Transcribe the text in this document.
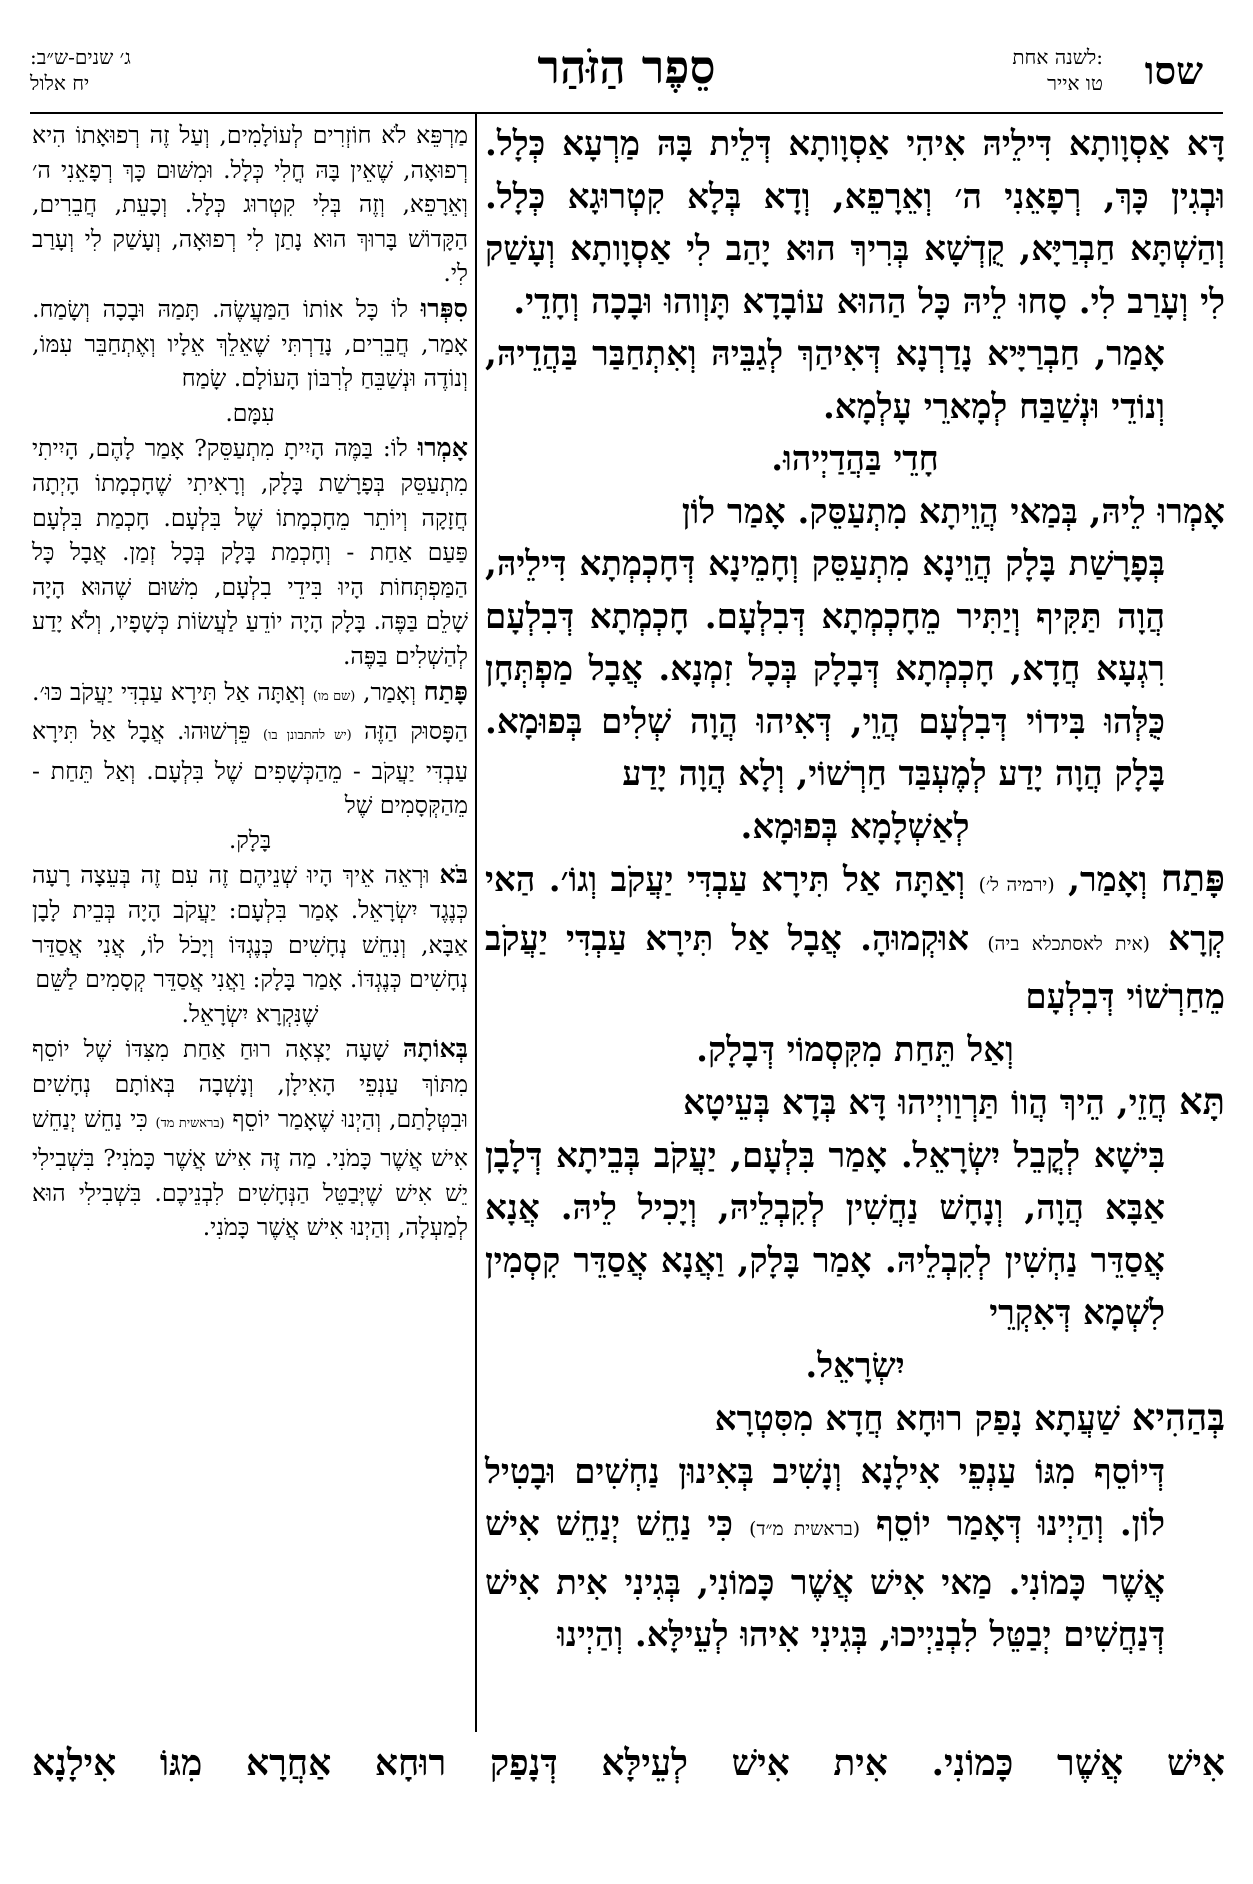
שסו
לשנה אחת:
טו אייר
סֵפֶר הַזֹּהַר
ג׳ שנים-ש״ב:
יח אלול

דָּא אַסְוָותָא דִּילֵיהּ אִיהִי אַסְוָותָא דְּלֵית בָּהּ מַרְעָא כְּלָל. וּבְגִין כָּךְ, רְפָאֵנִי ה׳ וְאֵרָפֵא, וְדָא בְּלָא קִטְרוּגָא כְּלָל. וְהַשְׁתָּא חַבְרַיָּא, קֻדְשָׁא בְּרִיךְ הוּא יָהַב לִי אַסְוָותָא וְעָשַׁק לִי וְעָרַב לִי. סָחוּ לֵיהּ כָּל הַהוּא עוֹבָדָא תָּוְוהוּ וּבָכָה וְחָדֵי.

אָמַר, חַבְרַיָּיא נָדַרְנָא דְּאִיהַךְ לְגַבֵּיהּ וְאִתְחַבַּר בַּהֲדֵיהּ, וְנוֹדֵי וּנְשַׁבַּח לְמָארֵי עָלְמָא.

חָדֵי בַּהֲדַיְיהוּ.

אָמְרוּ לֵיהּ, בְּמַאי הֲוֵיתָא מִתְעַסֵּק. אָמַר לוֹן

בְּפָרָשַׁת בָּלָק הֲוֵינָא מִתְעַסֵּק וְחָמֵינָא דְּחָכְמְתָא דִּילֵיהּ, הֲוָה תַּקִּיף וְיַתִּיר מֵחָכְמְתָא דְּבִלְעָם. חָכְמְתָא דְּבִלְעָם רִגְעָא חֲדָא, חָכְמְתָא דְּבָלָק בְּכָל זִמְנָא. אֲבָל מַפְתְּחָן כֻּלְּהוּ בִּידוֹי דְּבִלְעָם הֲוֵי, דְּאִיהוּ הֲוָה שְׁלִים בְּפוּמָא. בָּלָק הֲוָה יָדַע לְמֶעְבַּד חַרְשׁוֹי, וְלָא הֲוָה יָדַע

לְאַשְׁלָמָא בְּפוּמָא.

פָּתַח וְאָמַר, (ירמיה ל׳) וְאַתָּה אַל תִּירָא עַבְדִּי יַעֲקֹב וְגוֹ׳. הַאי קְרָא (אית לאסתכלא ביה) אוּקְמוּהָ. אֲבָל אַל תִּירָא עַבְדִּי יַעֲקֹב מֵחַרְשׁוֹי דְּבִלְעָם

וְאַל תֵּחַת מִקִּסְמוֹי דְּבָלָק.

תָּא חֲזֵי, הֵיךְ הֲווֹ תַּרְוַויְיהוּ דָּא בְּדָא בְּעֵיטָא

בִּישָׁא לְקֳבֵל יִשְׂרָאֵל. אָמַר בִּלְעָם, יַעֲקֹב בְּבֵיתָא דְּלָבָן אַבָּא הֲוָה, וְנָחָשׁ נַחֲשִׁין לְקִבְלֵיהּ, וְיָכִיל לֵיהּ. אֲנָא אֲסַדֵּר נַחְשִׁין לְקִבְלֵיהּ. אָמַר בָּלָק, וַאֲנָא אֲסַדֵּר קִסְמִין לִשְׁמָא דְּאִקְרֵי

יִשְׂרָאֵל.

בְּהַהִיא שַׁעֲתָא נָפַק רוּחָא חֲדָא מִסִּטְרָא

דְּיוֹסֵף מִגּוֹ עַנְפֵי אִילָנָא וְנָשִׁיב בְּאִינוּן נַחְשִׁים וּבָטִיל לוֹן. וְהַיְינוּ דְּאָמַר יוֹסֵף (בראשית מ״ד) כִּי נַחֵשׁ יְנַחֵשׁ אִישׁ אֲשֶׁר כָּמוֹנִי. מַאי אִישׁ אֲשֶׁר כָּמוֹנִי, בְּגִינִי אִית אִישׁ דְּנַחֲשִׁים יְבַטֵּל לִבְנַיְיכוּ, בְּגִינִי אִיהוּ לְעֵילָּא. וְהַיְינוּ

מַרְפֵּא לֹא חוֹזְרִים לְעוֹלָמִים, וְעַל זֶה רְפוּאָתוֹ הִיא רְפוּאָה, שֶׁאֵין בָּהּ חֳלִי כְּלָל. וּמִשּׁוּם כָּךְ רְפָאֵנִי ה׳ וְאֵרָפֵא, וְזֶה בְּלִי קִטְרוּג כְּלָל. וְכָעֵת, חֲבֵרִים, הַקָּדוֹשׁ בָּרוּךְ הוּא נָתַן לִי רְפוּאָה, וְעָשַׁק לִי וְעָרַב לִי.

סִפְּרוּ לוֹ כָּל אוֹתוֹ הַמַּעֲשֶׂה. תָּמַהּ וּבָכָה וְשָׂמַח. אָמַר, חֲבֵרִים, נָדַרְתִּי שֶׁאֵלֵךְ אֵלָיו וְאֶתְחַבֵּר עִמּוֹ, וְנוֹדֶה וּנְשַׁבֵּחַ לְרִבּוֹן הָעוֹלָם. שָׂמַח

עִמָּם.

אָמְרוּ לוֹ: בַּמֶּה הָיִיתָ מִתְעַסֵּק? אָמַר לָהֶם, הָיִיתִי מִתְעַסֵּק בְּפָרָשַׁת בָּלָק, וְרָאִיתִי שֶׁחָכְמָתוֹ הָיְתָה חֲזָקָה וְיוֹתֵר מֵחָכְמָתוֹ שֶׁל בִּלְעָם. חָכְמַת בִּלְעָם פַּעַם אַחַת - וְחָכְמַת בָּלָק בְּכָל זְמַן. אֲבָל כָּל הַמַּפְתְּחוֹת הָיוּ בִּידֵי בִלְעָם, מִשּׁוּם שֶׁהוּא הָיָה שָׁלֵם בַּפֶּה. בָּלָק הָיָה יוֹדֵעַ לַעֲשׂוֹת כְּשָׁפָיו, וְלֹא יָדַע לְהַשְׁלִים בַּפֶּה.

פָּתַח וְאָמַר, (שם מו) וְאַתָּה אַל תִּירָא עַבְדִּי יַעֲקֹב כּוּ׳. הַפָּסוּק הַזֶּה (יש להתבונן בו) פֵּרְשׁוּהוּ. אֲבָל אַל תִּירָא עַבְדִּי יַעֲקֹב - מֵהַכְּשָׁפִים שֶׁל בִּלְעָם. וְאַל תֵּחַת - מֵהַקְּסָמִים שֶׁל

בָּלָק.

בֹּא וּרְאֵה אֵיךְ הָיוּ שְׁנֵיהֶם זֶה עִם זֶה בְּעֵצָה רָעָה כְּנֶגֶד יִשְׂרָאֵל. אָמַר בִּלְעָם: יַעֲקֹב הָיָה בְּבֵית לָבָן אַבָּא, וְנִחֵשׁ נְחָשִׁים כְּנֶגְדּוֹ וְיָכֹל לוֹ, אֲנִי אֲסַדֵּר נְחָשִׁים כְּנֶגְדּוֹ. אָמַר בָּלָק: וַאֲנִי אֲסַדֵּר קְסָמִים לַשֵּׁם

שֶׁנִּקְרָא יִשְׂרָאֵל.

בְּאוֹתָהּ שָׁעָה יָצְאָה רוּחַ אַחַת מִצִּדּוֹ שֶׁל יוֹסֵף מִתּוֹךְ עַנְפֵי הָאִילָן, וְנָשְׁבָה בְּאוֹתָם נְחָשִׁים וּבִטְּלָתַם, וְהַיְנוּ שֶׁאָמַר יוֹסֵף (בראשית מד) כִּי נַחֵשׁ יְנַחֵשׁ אִישׁ אֲשֶׁר כָּמֹנִי. מַה זֶּה אִישׁ אֲשֶׁר כָּמֹנִי? בִּשְׁבִילִי יֵשׁ אִישׁ שֶׁיְּבַטֵּל הַנְּחָשִׁים לִבְנֵיכֶם. בִּשְׁבִילִי הוּא לְמַעְלָה, וְהַיְנוּ אִישׁ אֲשֶׁר כָּמֹנִי.

אִישׁ אֲשֶׁר כָּמוֹנִי. אִית אִישׁ לְעֵילָּא דְּנָפַק רוּחָא אַחֲרָא מִגּוֹ אִילָנָא
